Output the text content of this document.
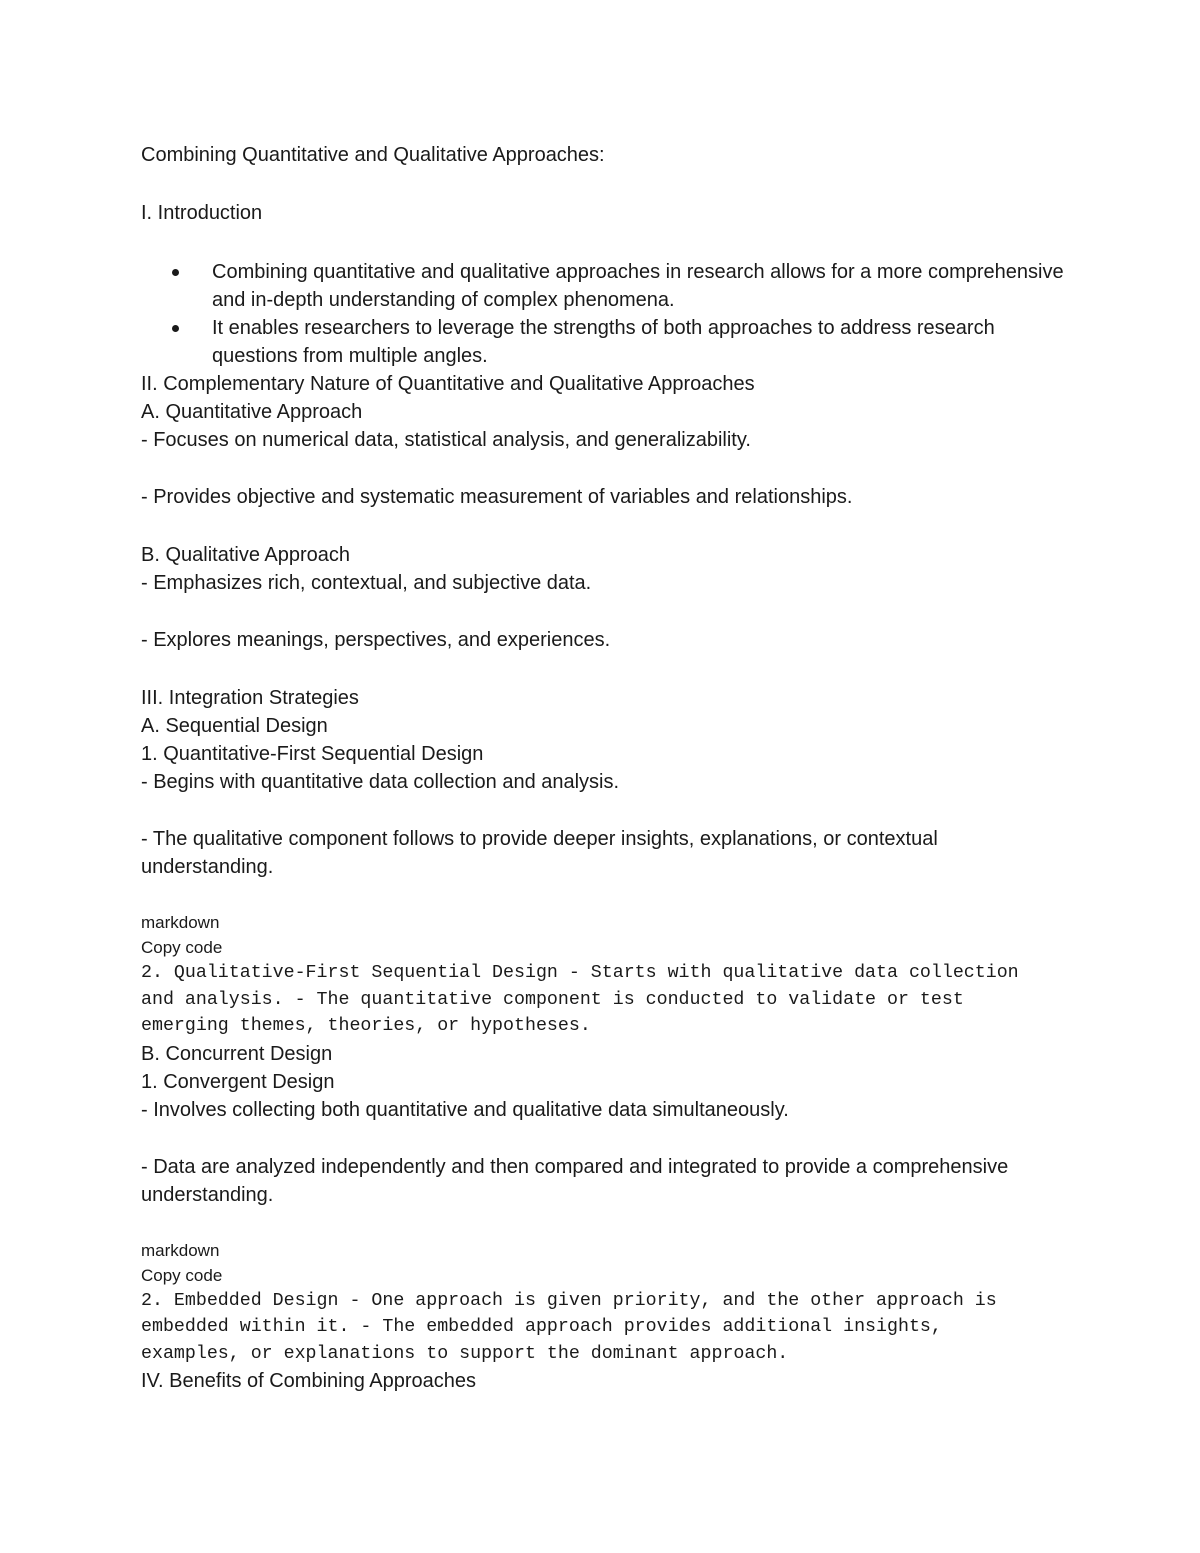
Combining Quantitative and Qualitative Approaches:

I. Introduction

Combining quantitative and qualitative approaches in research allows for a more comprehensive and in-depth understanding of complex phenomena.
It enables researchers to leverage the strengths of both approaches to address research questions from multiple angles.

II. Complementary Nature of Quantitative and Qualitative Approaches

A. Quantitative Approach

- Focuses on numerical data, statistical analysis, and generalizability.

- Provides objective and systematic measurement of variables and relationships.

B. Qualitative Approach

- Emphasizes rich, contextual, and subjective data.

- Explores meanings, perspectives, and experiences.

III. Integration Strategies

A. Sequential Design

1. Quantitative-First Sequential Design

- Begins with quantitative data collection and analysis.

- The qualitative component follows to provide deeper insights, explanations, or contextual understanding.

markdown

Copy code

2. Qualitative-First Sequential Design - Starts with qualitative data collection and analysis. - The quantitative component is conducted to validate or test emerging themes, theories, or hypotheses.

B. Concurrent Design

1. Convergent Design

- Involves collecting both quantitative and qualitative data simultaneously.

- Data are analyzed independently and then compared and integrated to provide a comprehensive understanding.

markdown

Copy code

2. Embedded Design - One approach is given priority, and the other approach is embedded within it. - The embedded approach provides additional insights, examples, or explanations to support the dominant approach.

IV. Benefits of Combining Approaches
